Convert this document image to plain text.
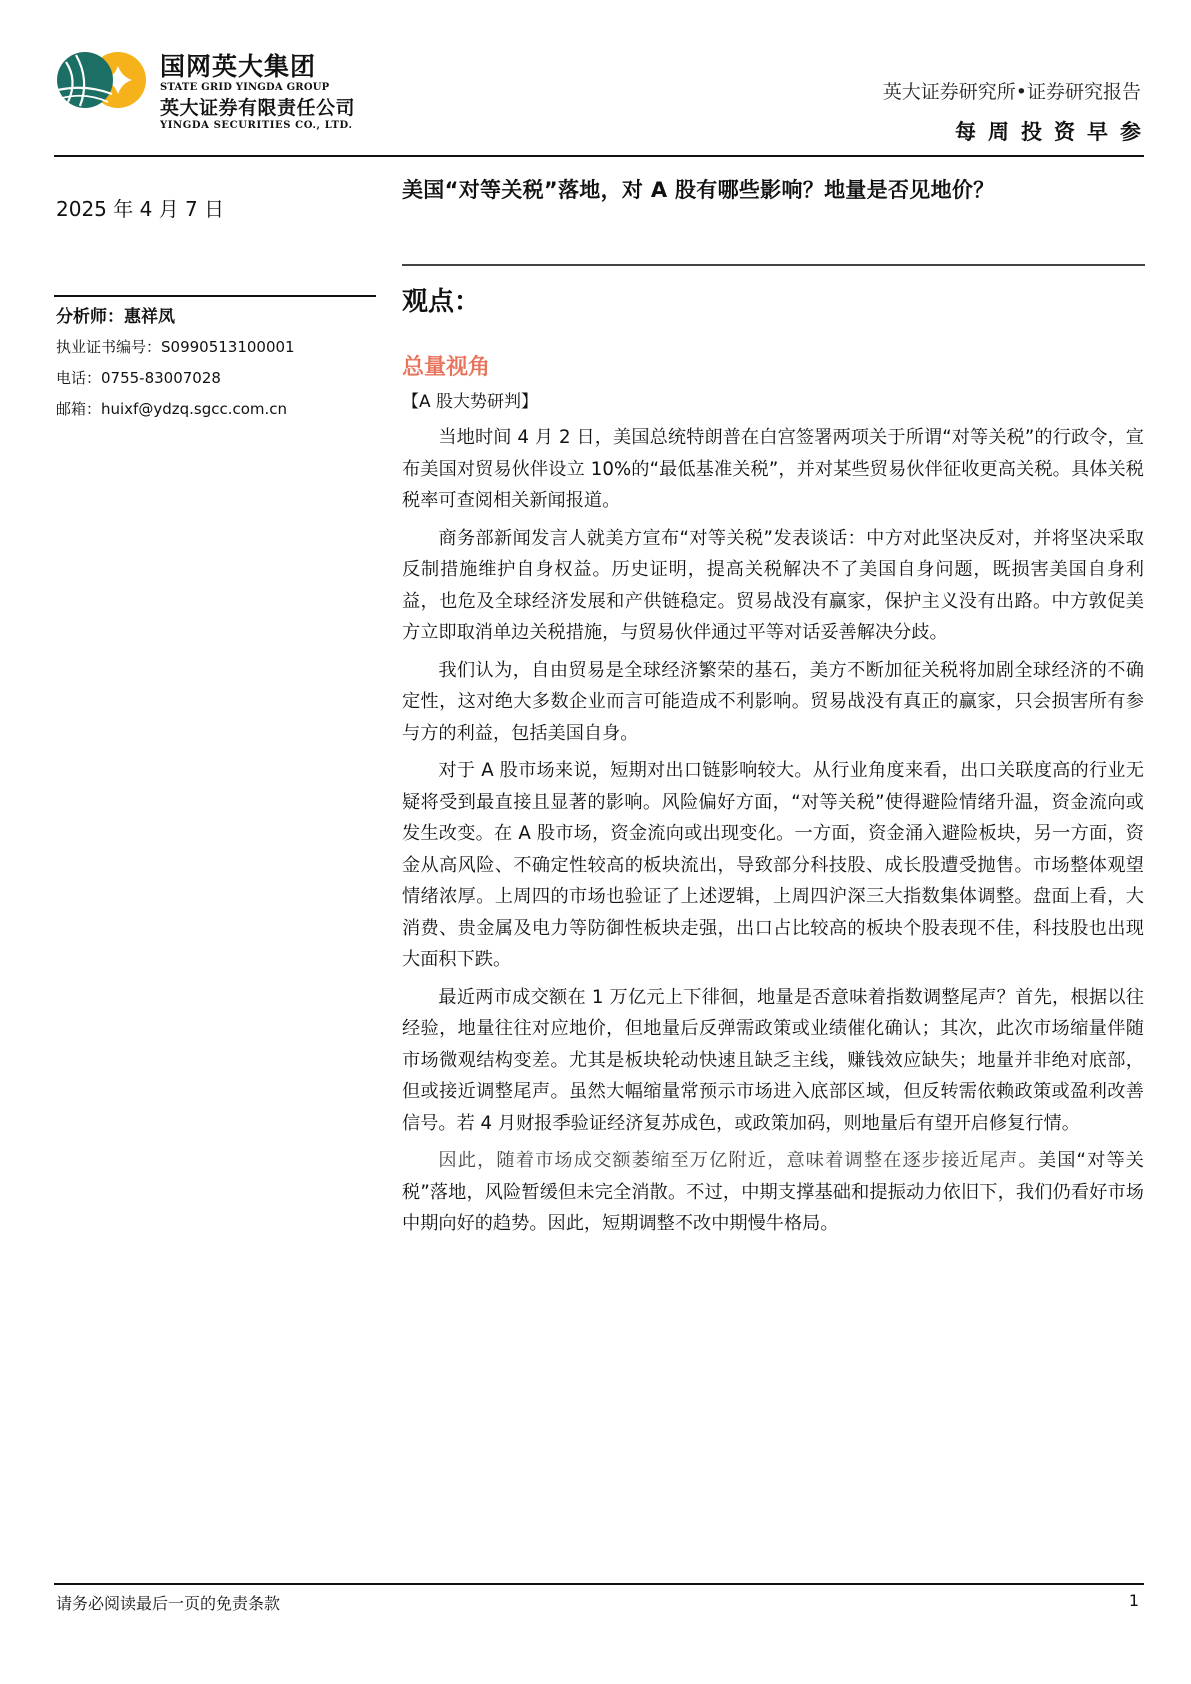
国网英大集团
STATE GRID YINGDA GROUP
英大证券有限责任公司
YINGDA SECURITIES CO., LTD.
英大证券研究所•证券研究报告
每周投资早参
2025 年 4 月 7 日
美国“对等关税”落地，对 A 股有哪些影响？地量是否见地价？
分析师：惠祥凤
执业证书编号：S0990513100001
电话：0755-83007028
邮箱：huixf@ydzq.sgcc.com.cn
观点：
总量视角
【A 股大势研判】

当地时间 4 月 2 日，美国总统特朗普在白宫签署两项关于所谓“对等关税”的行政令，宣布美国对贸易伙伴设立 10%的“最低基准关税”，并对某些贸易伙伴征收更高关税。具体关税税率可查阅相关新闻报道。

商务部新闻发言人就美方宣布“对等关税”发表谈话：中方对此坚决反对，并将坚决采取反制措施维护自身权益。历史证明，提高关税解决不了美国自身问题，既损害美国自身利益，也危及全球经济发展和产供链稳定。贸易战没有赢家，保护主义没有出路。中方敦促美方立即取消单边关税措施，与贸易伙伴通过平等对话妥善解决分歧。

我们认为，自由贸易是全球经济繁荣的基石，美方不断加征关税将加剧全球经济的不确定性，这对绝大多数企业而言可能造成不利影响。贸易战没有真正的赢家，只会损害所有参与方的利益，包括美国自身。

对于 A 股市场来说，短期对出口链影响较大。从行业角度来看，出口关联度高的行业无疑将受到最直接且显著的影响。风险偏好方面，“对等关税”使得避险情绪升温，资金流向或发生改变。在 A 股市场，资金流向或出现变化。一方面，资金涌入避险板块，另一方面，资金从高风险、不确定性较高的板块流出，导致部分科技股、成长股遭受抛售。市场整体观望情绪浓厚。上周四的市场也验证了上述逻辑，上周四沪深三大指数集体调整。盘面上看，大消费、贵金属及电力等防御性板块走强，出口占比较高的板块个股表现不佳，科技股也出现大面积下跌。

最近两市成交额在 1 万亿元上下徘徊，地量是否意味着指数调整尾声？首先，根据以往经验，地量往往对应地价，但地量后反弹需政策或业绩催化确认；其次，此次市场缩量伴随市场微观结构变差。尤其是板块轮动快速且缺乏主线，赚钱效应缺失；地量并非绝对底部，但或接近调整尾声。虽然大幅缩量常预示市场进入底部区域，但反转需依赖政策或盈利改善信号。若 4 月财报季验证经济复苏成色，或政策加码，则地量后有望开启修复行情。

因此，随着市场成交额萎缩至万亿附近，意味着调整在逐步接近尾声。美国“对等关税”落地，风险暂缓但未完全消散。不过，中期支撑基础和提振动力依旧下，我们仍看好市场中期向好的趋势。因此，短期调整不改中期慢牛格局。

请务必阅读最后一页的免责条款	1
